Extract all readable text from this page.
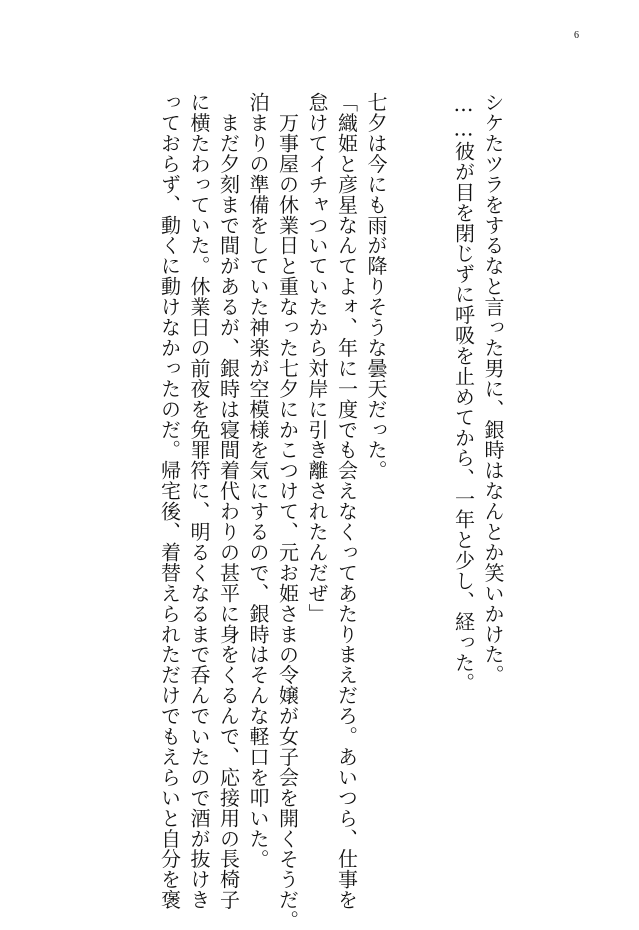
6
シケたツラをするなと言った男に、銀時はなんとか笑いかけた。
……彼が目を閉じずに呼吸を止めてから、一年と少し、経った。
七夕は今にも雨が降りそうな曇天だった。
「織姫と彦星なんてよォ、年に一度でも会えなくってあたりまえだろ。あいつら、仕事を
怠けてイチャついていたから対岸に引き離されたんだぜ」
　万事屋の休業日と重なった七夕にかこつけて、元お姫さまの令嬢が女子会を開くそうだ。
泊まりの準備をしていた神楽が空模様を気にするので、銀時はそんな軽口を叩いた。
　まだ夕刻まで間があるが、銀時は寝間着代わりの甚平に身をくるんで、応接用の長椅子
に横たわっていた。休業日の前夜を免罪符に、明るくなるまで呑んでいたので酒が抜けき
っておらず、動くに動けなかったのだ。帰宅後、着替えられただけでもえらいと自分を褒
